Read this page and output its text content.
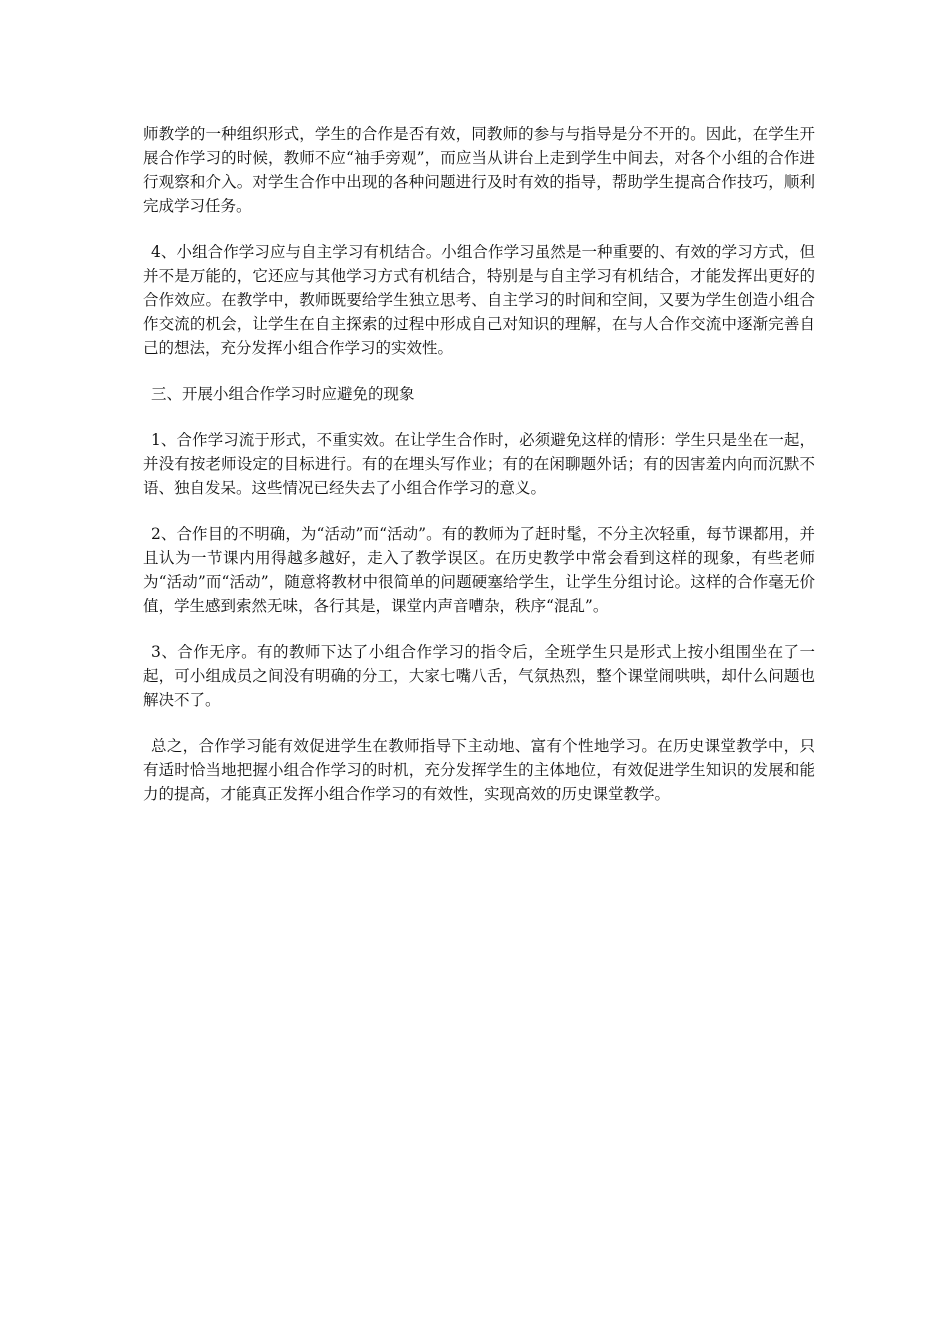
师教学的一种组织形式，学生的合作是否有效，同教师的参与与指导是分不开的。因此，在学生开展合作学习的时候，教师不应“袖手旁观”，而应当从讲台上走到学生中间去，对各个小组的合作进行观察和介入。对学生合作中出现的各种问题进行及时有效的指导，帮助学生提高合作技巧，顺利完成学习任务。

4、小组合作学习应与自主学习有机结合。小组合作学习虽然是一种重要的、有效的学习方式，但并不是万能的，它还应与其他学习方式有机结合，特别是与自主学习有机结合，才能发挥出更好的合作效应。在教学中，教师既要给学生独立思考、自主学习的时间和空间，又要为学生创造小组合作交流的机会，让学生在自主探索的过程中形成自己对知识的理解，在与人合作交流中逐渐完善自己的想法，充分发挥小组合作学习的实效性。

三、开展小组合作学习时应避免的现象

1、合作学习流于形式，不重实效。在让学生合作时，必须避免这样的情形：学生只是坐在一起，并没有按老师设定的目标进行。有的在埋头写作业；有的在闲聊题外话；有的因害羞内向而沉默不语、独自发呆。这些情况已经失去了小组合作学习的意义。

2、合作目的不明确，为“活动”而“活动”。有的教师为了赶时髦，不分主次轻重，每节课都用，并且认为一节课内用得越多越好，走入了教学误区。在历史教学中常会看到这样的现象，有些老师为“活动”而“活动”，随意将教材中很简单的问题硬塞给学生，让学生分组讨论。这样的合作毫无价值，学生感到索然无味，各行其是，课堂内声音嘈杂，秩序“混乱”。

3、合作无序。有的教师下达了小组合作学习的指令后，全班学生只是形式上按小组围坐在了一起，可小组成员之间没有明确的分工，大家七嘴八舌，气氛热烈，整个课堂闹哄哄，却什么问题也解决不了。

总之，合作学习能有效促进学生在教师指导下主动地、富有个性地学习。在历史课堂教学中，只有适时恰当地把握小组合作学习的时机，充分发挥学生的主体地位，有效促进学生知识的发展和能力的提高，才能真正发挥小组合作学习的有效性，实现高效的历史课堂教学。
